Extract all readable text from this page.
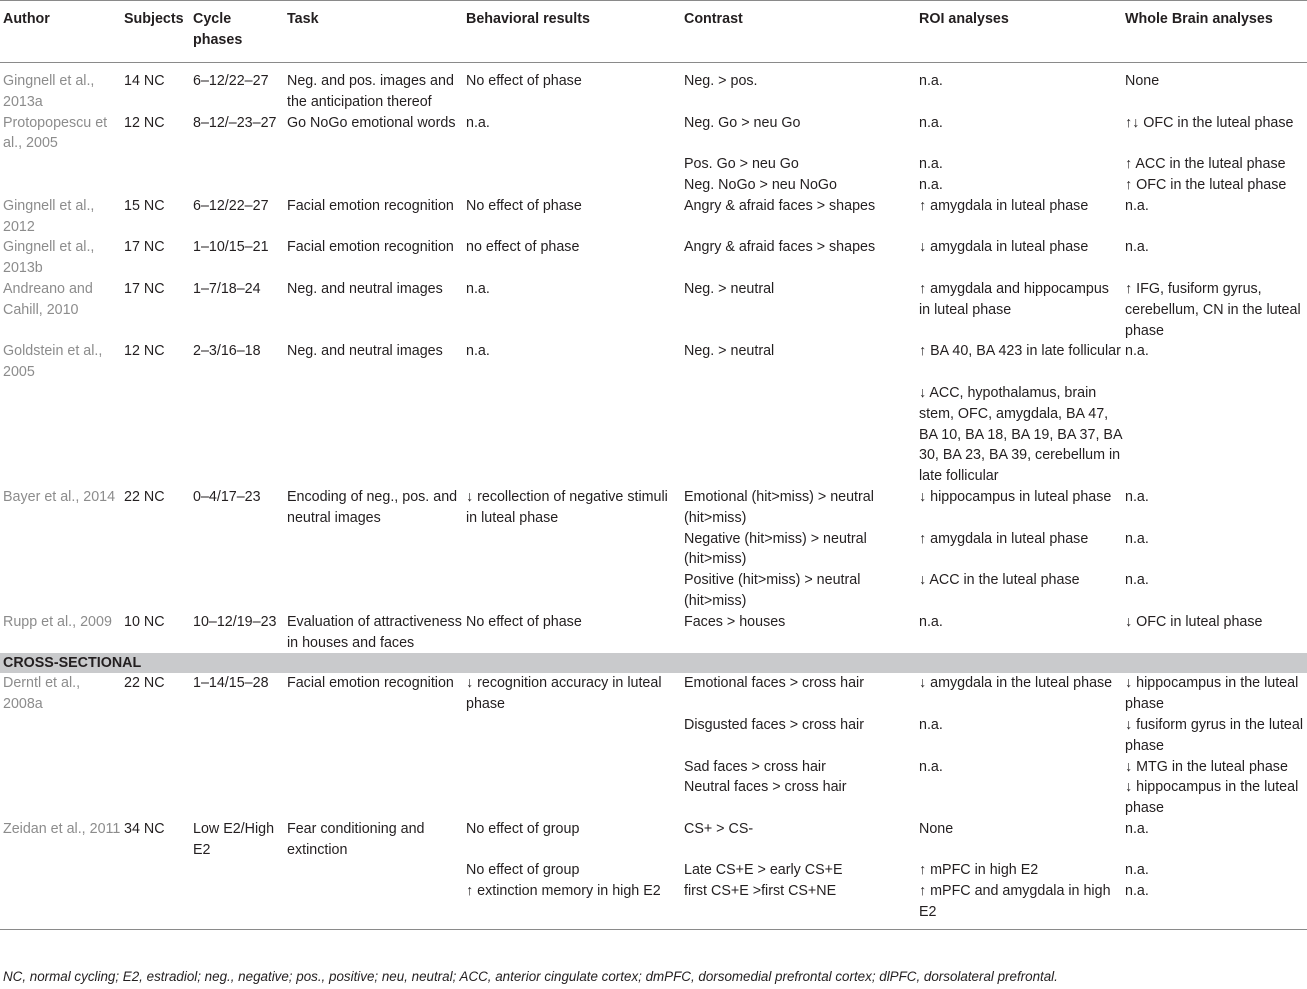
Author	Subjects	Cycle phases	Task	Behavioral results	Contrast	ROI analyses	Whole Brain analyses
Gingnell et al., 2013a	14 NC	6–12/22–27	Neg. and pos. images and the anticipation thereof	No effect of phase	Neg. > pos.	n.a.	None
Protopopescu et al., 2005	12 NC	8–12/–23–27	Go NoGo emotional words	n.a.	Neg. Go > neu Go	n.a.	↑↓ OFC in the luteal phase
					Pos. Go > neu Go	n.a.	↑ ACC in the luteal phase
					Neg. NoGo > neu NoGo	n.a.	↑ OFC in the luteal phase
Gingnell et al., 2012	15 NC	6–12/22–27	Facial emotion recognition	No effect of phase	Angry & afraid faces > shapes	↑ amygdala in luteal phase	n.a.
Gingnell et al., 2013b	17 NC	1–10/15–21	Facial emotion recognition	no effect of phase	Angry & afraid faces > shapes	↓ amygdala in luteal phase	n.a.
Andreano and Cahill, 2010	17 NC	1–7/18–24	Neg. and neutral images	n.a.	Neg. > neutral	↑ amygdala and hippocampus in luteal phase	↑ IFG, fusiform gyrus, cerebellum, CN in the luteal phase
Goldstein et al., 2005	12 NC	2–3/16–18	Neg. and neutral images	n.a.	Neg. > neutral	↑ BA 40, BA 423 in late follicular	n.a.
						↓ ACC, hypothalamus, brain stem, OFC, amygdala, BA 47, BA 10, BA 18, BA 19, BA 37, BA 30, BA 23, BA 39, cerebellum in late follicular	
Bayer et al., 2014	22 NC	0–4/17–23	Encoding of neg., pos. and neutral images	↓ recollection of negative stimuli in luteal phase	Emotional (hit>miss) > neutral (hit>miss)	↓ hippocampus in luteal phase	n.a.
					Negative (hit>miss) > neutral (hit>miss)	↑ amygdala in luteal phase	n.a.
					Positive (hit>miss) > neutral (hit>miss)	↓ ACC in the luteal phase	n.a.
Rupp et al., 2009	10 NC	10–12/19–23	Evaluation of attractiveness in houses and faces	No effect of phase	Faces > houses	n.a.	↓ OFC in luteal phase
CROSS-SECTIONAL							
Derntl et al., 2008a	22 NC	1–14/15–28	Facial emotion recognition	↓ recognition accuracy in luteal phase	Emotional faces > cross hair	↓ amygdala in the luteal phase	↓ hippocampus in the luteal phase
					Disgusted faces > cross hair	n.a.	↓ fusiform gyrus in the luteal phase
					Sad faces > cross hair	n.a.	↓ MTG in the luteal phase
					Neutral faces > cross hair		↓ hippocampus in the luteal phase
Zeidan et al., 2011	34 NC	Low E2/High E2	Fear conditioning and extinction	No effect of group	CS+ > CS-	None	n.a.
				No effect of group	Late CS+E > early CS+E	↑ mPFC in high E2	n.a.
				↑ extinction memory in high E2	first CS+E >first CS+NE	↑ mPFC and amygdala in high E2	n.a.
NC, normal cycling; E2, estradiol; neg., negative; pos., positive; neu, neutral; ACC, anterior cingulate cortex; dmPFC, dorsomedial prefrontal cortex; dlPFC, dorsolateral prefrontal.
